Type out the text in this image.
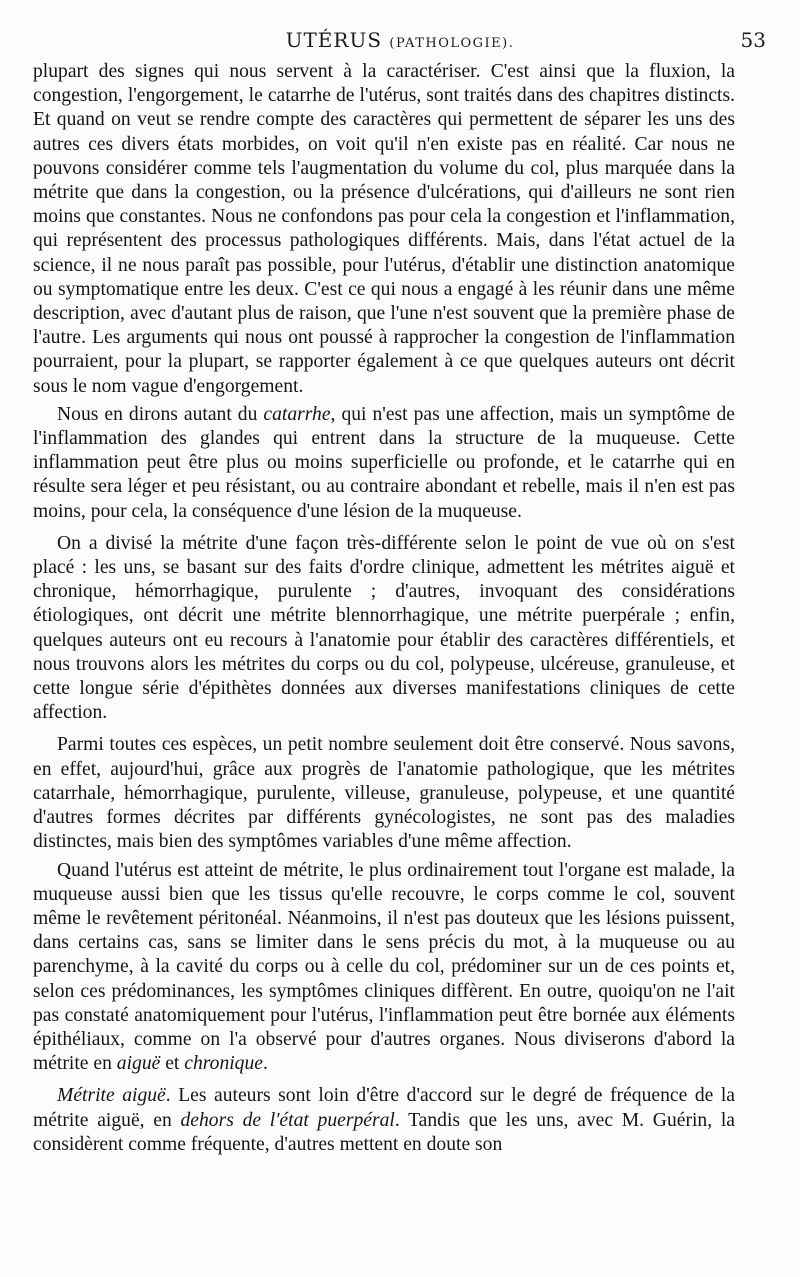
UTÉRUS (PATHOLOGIE).	53

plupart des signes qui nous servent à la caractériser. C'est ainsi que la fluxion, la congestion, l'engorgement, le catarrhe de l'utérus, sont traités dans des chapitres distincts. Et quand on veut se rendre compte des caractères qui permettent de séparer les uns des autres ces divers états morbides, on voit qu'il n'en existe pas en réalité. Car nous ne pouvons considérer comme tels l'augmentation du volume du col, plus marquée dans la métrite que dans la congestion, ou la présence d'ulcérations, qui d'ailleurs ne sont rien moins que constantes. Nous ne confondons pas pour cela la congestion et l'inflammation, qui représentent des processus pathologiques différents. Mais, dans l'état actuel de la science, il ne nous paraît pas possible, pour l'utérus, d'établir une distinction anatomique ou symptomatique entre les deux. C'est ce qui nous a engagé à les réunir dans une même description, avec d'autant plus de raison, que l'une n'est souvent que la première phase de l'autre. Les arguments qui nous ont poussé à rapprocher la congestion de l'inflammation pourraient, pour la plupart, se rapporter également à ce que quelques auteurs ont décrit sous le nom vague d'engorgement.

Nous en dirons autant du catarrhe, qui n'est pas une affection, mais un symptôme de l'inflammation des glandes qui entrent dans la structure de la muqueuse. Cette inflammation peut être plus ou moins superficielle ou profonde, et le catarrhe qui en résulte sera léger et peu résistant, ou au contraire abondant et rebelle, mais il n'en est pas moins, pour cela, la conséquence d'une lésion de la muqueuse.

On a divisé la métrite d'une façon très-différente selon le point de vue où on s'est placé : les uns, se basant sur des faits d'ordre clinique, admettent les métrites aiguë et chronique, hémorrhagique, purulente ; d'autres, invoquant des considérations étiologiques, ont décrit une métrite blennorrhagique, une métrite puerpérale ; enfin, quelques auteurs ont eu recours à l'anatomie pour établir des caractères différentiels, et nous trouvons alors les métrites du corps ou du col, polypeuse, ulcéreuse, granuleuse, et cette longue série d'épithètes données aux diverses manifestations cliniques de cette affection.

Parmi toutes ces espèces, un petit nombre seulement doit être conservé. Nous savons, en effet, aujourd'hui, grâce aux progrès de l'anatomie pathologique, que les métrites catarrhale, hémorrhagique, purulente, villeuse, granuleuse, polypeuse, et une quantité d'autres formes décrites par différents gynécologistes, ne sont pas des maladies distinctes, mais bien des symptômes variables d'une même affection.

Quand l'utérus est atteint de métrite, le plus ordinairement tout l'organe est malade, la muqueuse aussi bien que les tissus qu'elle recouvre, le corps comme le col, souvent même le revêtement péritonéal. Néanmoins, il n'est pas douteux que les lésions puissent, dans certains cas, sans se limiter dans le sens précis du mot, à la muqueuse ou au parenchyme, à la cavité du corps ou à celle du col, prédominer sur un de ces points et, selon ces prédominances, les symptômes cliniques diffèrent. En outre, quoiqu'on ne l'ait pas constaté anatomiquement pour l'utérus, l'inflammation peut être bornée aux éléments épithéliaux, comme on l'a observé pour d'autres organes. Nous diviserons d'abord la métrite en aiguë et chronique.

Métrite aiguë. Les auteurs sont loin d'être d'accord sur le degré de fréquence de la métrite aiguë, en dehors de l'état puerpéral. Tandis que les uns, avec M. Guérin, la considèrent comme fréquente, d'autres mettent en doute son
